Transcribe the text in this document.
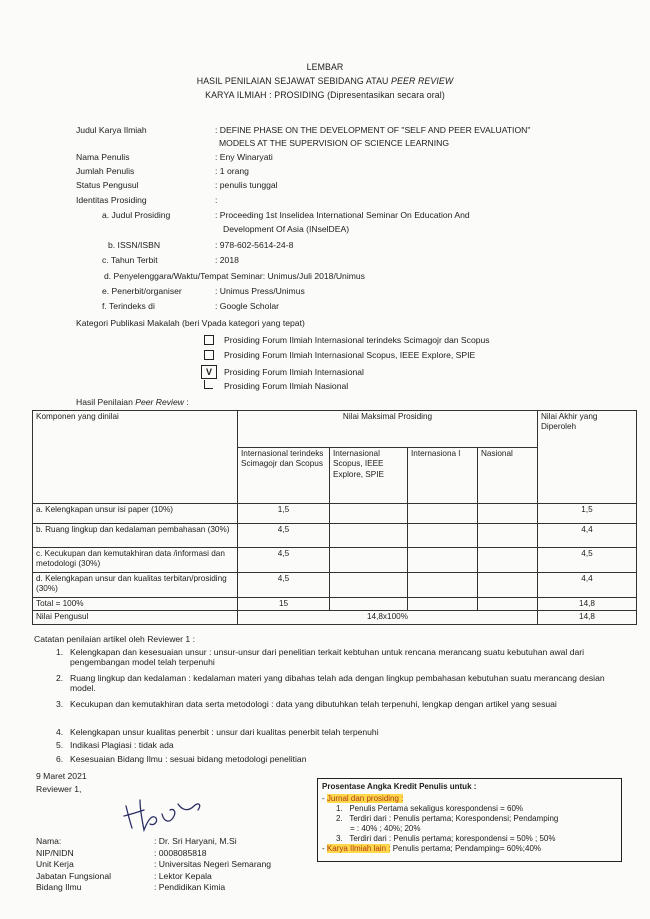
LEMBAR
HASIL PENILAIAN SEJAWAT SEBIDANG ATAU PEER REVIEW
KARYA ILMIAH : PROSIDING (Dipresentasikan secara oral)
Judul Karya Ilmiah	: DEFINE PHASE ON THE DEVELOPMENT OF "SELF AND PEER EVALUATION"
MODELS AT THE SUPERVISION OF SCIENCE LEARNING
Nama Penulis	: Eny Winaryati
Jumlah Penulis	: 1 orang
Status Pengusul	: penulis tunggal
Identitas Prosiding	:
a. Judul Prosiding	: Proceeding 1st Inselidea International Seminar On Education And
Development Of Asia (INselDEA)
b. ISSN/ISBN	: 978-602-5614-24-8
c. Tahun Terbit	: 2018
d. Penyelenggara/Waktu/Tempat Seminar: Unimus/Juli 2018/Unimus
e. Penerbit/organiser	: Unimus Press/Unimus
f. Terindeks di	: Google Scholar
Kategori Publikasi Makalah (beri Vpada kategori yang tepat)
Prosiding Forum Ilmiah Internasional terindeks Scimagojr dan Scopus
Prosiding Forum Ilmiah Internasional Scopus, IEEE Explore, SPIE
V	Prosiding Forum Ilmiah Internasional
Prosiding Forum Ilmiah Nasional
Hasil Penilaian Peer Review :
Komponen yang dinilai	Nilai Maksimal Prosiding				Nilai Akhir yang Diperoleh
	Internasional terindeks Scimagojr dan Scopus	Internasional Scopus, IEEE Explore, SPIE	Internasiona l	Nasional	
a. Kelengkapan unsur isi paper (10%)	1,5				1,5
b. Ruang lingkup dan kedalaman pembahasan (30%)	4,5				4,4
c. Kecukupan dan kemutakhiran data /informasi dan metodologi (30%)	4,5				4,5
d. Kelengkapan unsur dan kualitas terbitan/prosiding (30%)	4,5				4,4
Total = 100%	15				14,8
Nilai Pengusul	14,8x100%				14,8
Catatan penilaian artikel oleh Reviewer 1 :
1. Kelengkapan dan kesesuaian unsur : unsur-unsur dari penelitian terkait kebtuhan untuk rencana merancang suatu kebutuhan awal dari pengembangan model telah terpenuhi
2. Ruang lingkup dan kedalaman : kedalaman materi yang dibahas telah ada dengan lingkup pembahasan kebutuhan suatu merancang desian model.
3. Kecukupan dan kemutakhiran data serta metodologi : data yang dibutuhkan telah terpenuhi, lengkap dengan artikel yang sesuai
4. Kelengkapan unsur kualitas penerbit : unsur dari kualitas penerbit telah terpenuhi
5. Indikasi Plagiasi : tidak ada
6. Kesesuaian Bidang Ilmu : sesuai bidang metodologi penelitian
9 Maret 2021
Reviewer 1,
Nama:	: Dr. Sri Haryani, M.Si
NIP/NIDN	: 0008085818
Unit Kerja	: Universitas Negeri Semarang
Jabatan Fungsional	: Lektor Kepala
Bidang Ilmu	: Pendidikan Kimia
Prosentase Angka Kredit Penulis untuk :
- Jurnal dan prosiding :
1.   Penulis Pertama sekaligus korespondensi = 60%
2.   Terdiri dari : Penulis pertama; Korespondensi; Pendamping
= : 40% ; 40%; 20%
3.   Terdiri dari : Penulis pertama; korespondensi = 50% ; 50%
- Karya Ilmiah lain : Penulis pertama; Pendamping= 60%;40%
